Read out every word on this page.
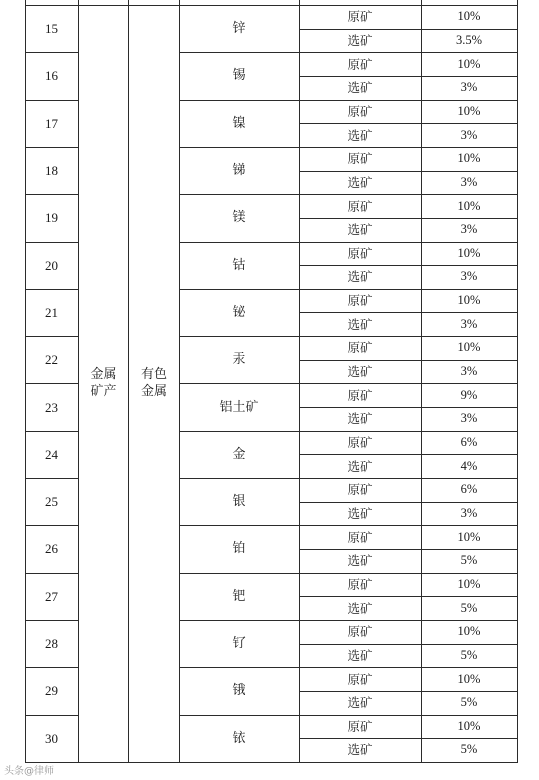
金属
矿产
有色
金属
15	锌
原矿	10%
选矿	3.5%
16	锡
原矿	10%
选矿	3%
17	镍
原矿	10%
选矿	3%
18	锑
原矿	10%
选矿	3%
19	镁
原矿	10%
选矿	3%
20	钴
原矿	10%
选矿	3%
21	铋
原矿	10%
选矿	3%
22	汞
原矿	10%
选矿	3%
23	铝土矿
原矿	9%
选矿	3%
24	金
原矿	6%
选矿	4%
25	银
原矿	6%
选矿	3%
26	铂
原矿	10%
选矿	5%
27	钯
原矿	10%
选矿	5%
28	钌
原矿	10%
选矿	5%
29	锇
原矿	10%
选矿	5%
30	铱
原矿	10%
选矿	5%
头条@律师
